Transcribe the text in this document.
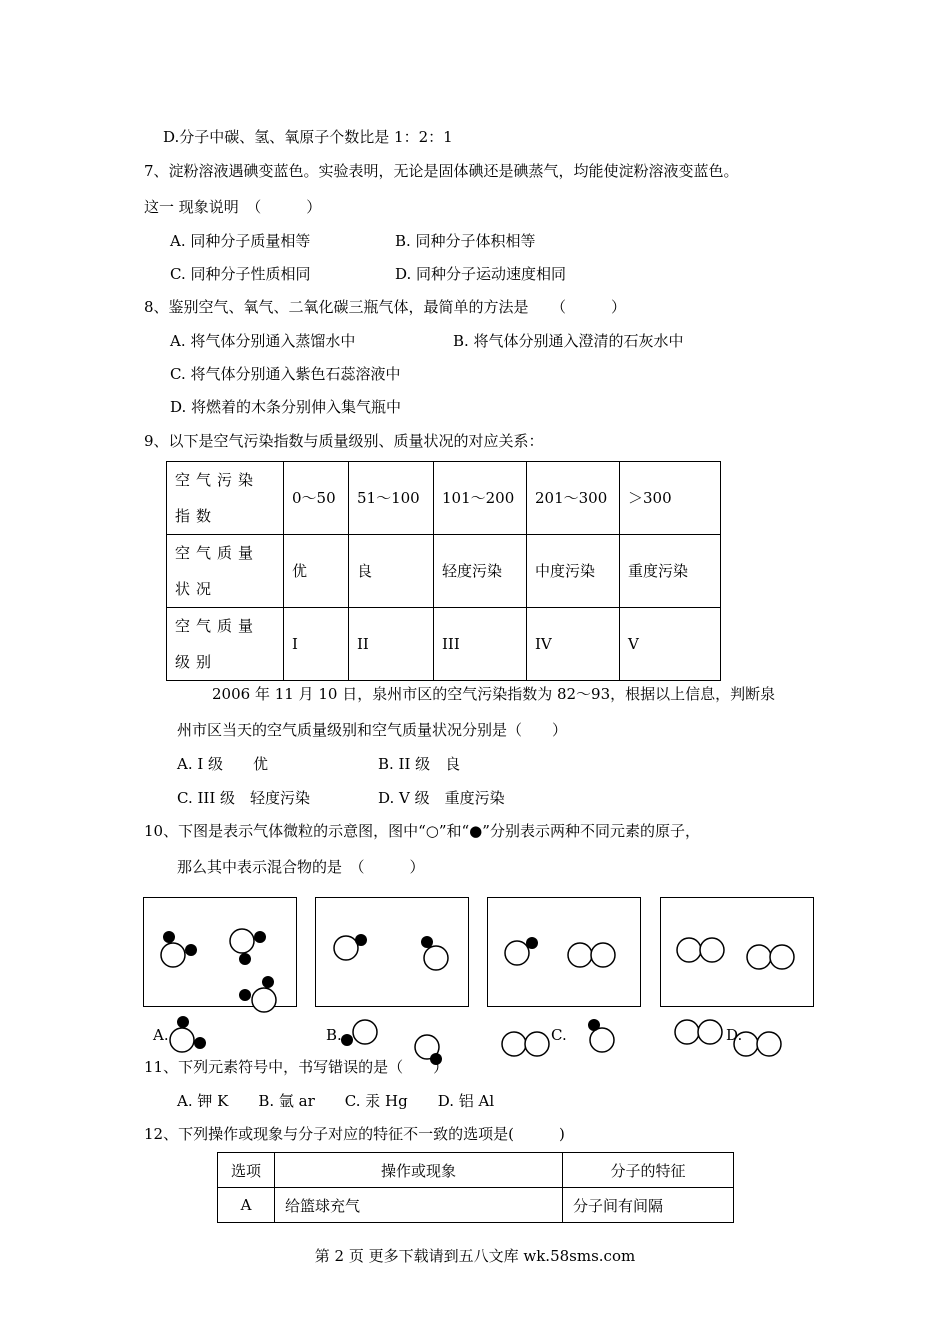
D.分子中碳、氢、氧原子个数比是 1：2：1
7、淀粉溶液遇碘变蓝色。实验表明，无论是固体碘还是碘蒸气，均能使淀粉溶液变蓝色。
这一 现象说明　（　　　）
A. 同种分子质量相等	B. 同种分子体积相等
C. 同种分子性质相同	D. 同种分子运动速度相同
8、鉴别空气、氧气、二氧化碳三瓶气体，最简单的方法是　　（　　　）
A. 将气体分别通入蒸馏水中	B. 将气体分别通入澄清的石灰水中
C. 将气体分别通入紫色石蕊溶液中
D. 将燃着的木条分别伸入集气瓶中
9、以下是空气污染指数与质量级别、质量状况的对应关系：
空气污染指数	0～50	51～100	101～200	201～300	＞300
空气质量状况	优	良	轻度污染	中度污染	重度污染
空气质量级别	I	II	III	IV	V
2006 年 11 月 10 日，泉州市区的空气污染指数为 82～93，根据以上信息，判断泉
州市区当天的空气质量级别和空气质量状况分别是（　　）
A. I 级　　优	B. II 级　良
C. III 级　轻度污染	D. V 级　重度污染
10、下图是表示气体微粒的示意图，图中“○”和“●”分别表示两种不同元素的原子，
那么其中表示混合物的是　（　　　）
A.	B.	C.	D.
11、下列元素符号中，书写错误的是（　　）
A. 钾 K　　B. 氩 ar　　C. 汞 Hg　　D. 铝 Al
12、下列操作或现象与分子对应的特征不一致的选项是(　　　)
选项	操作或现象	分子的特征
A	给篮球充气	分子间有间隔
第 2 页 更多下载请到五八文库 wk.58sms.com
